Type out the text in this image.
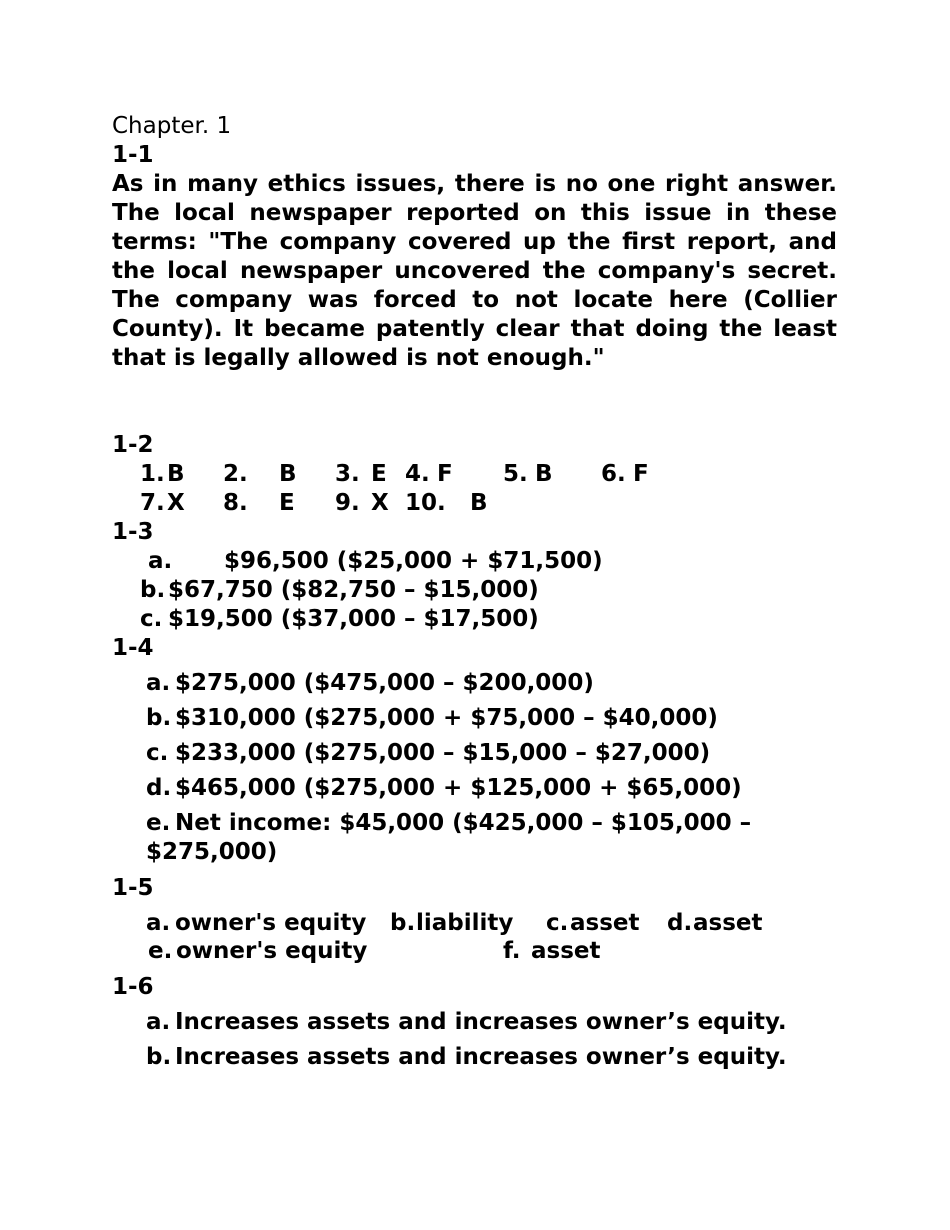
Chapter. 1
1-1
As in many ethics issues, there is no one right answer. The local newspaper reported on this issue in these terms: "The company covered up the first report, and the local newspaper uncovered the company's secret. The company was forced to not locate here (Collier County). It became patently clear that doing the least that is legally allowed is not enough."
1-2
1. B 2. B 3. E 4. F 5. B 6. F
7. X 8. E 9. X 10. B
1-3
a. $96,500 ($25,000 + $71,500)
b. $67,750 ($82,750 – $15,000)
c. $19,500 ($37,000 – $17,500)
1-4
a. $275,000 ($475,000 – $200,000)
b. $310,000 ($275,000 + $75,000 – $40,000)
c. $233,000 ($275,000 – $15,000 – $27,000)
d. $465,000 ($275,000 + $125,000 + $65,000)
e. Net income: $45,000 ($425,000 – $105,000 –
$275,000)
1-5
a. owner's equity b. liability c. asset d. asset
e. owner's equity	f. asset
1-6
a. Increases assets and increases owner’s equity.
b. Increases assets and increases owner’s equity.
